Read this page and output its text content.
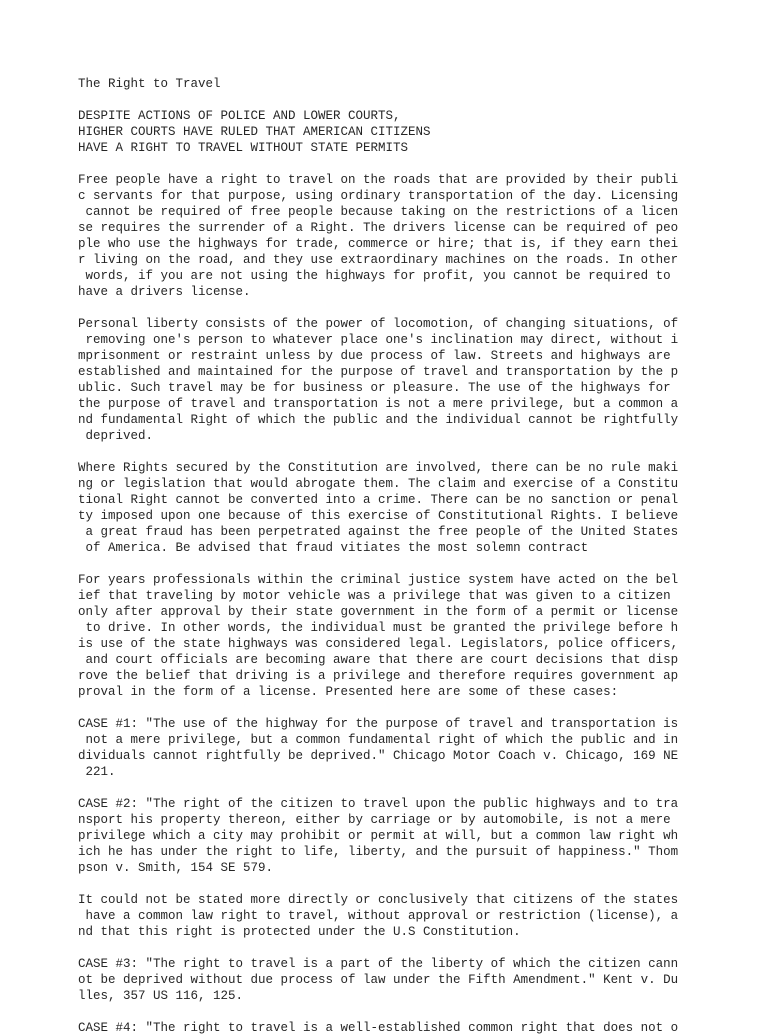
The Right to Travel
DESPITE ACTIONS OF POLICE AND LOWER COURTS,
HIGHER COURTS HAVE RULED THAT AMERICAN CITIZENS
HAVE A RIGHT TO TRAVEL WITHOUT STATE PERMITS
Free people have a right to travel on the roads that are provided by their publi
c servants for that purpose, using ordinary transportation of the day. Licensing
cannot be required of free people because taking on the restrictions of a licen
se requires the surrender of a Right. The drivers license can be required of peo
ple who use the highways for trade, commerce or hire; that is, if they earn thei
r living on the road, and they use extraordinary machines on the roads. In other
words, if you are not using the highways for profit, you cannot be required to
have a drivers license.
Personal liberty consists of the power of locomotion, of changing situations, of
removing one's person to whatever place one's inclination may direct, without i
mprisonment or restraint unless by due process of law. Streets and highways are
established and maintained for the purpose of travel and transportation by the p
ublic. Such travel may be for business or pleasure. The use of the highways for
the purpose of travel and transportation is not a mere privilege, but a common a
nd fundamental Right of which the public and the individual cannot be rightfully
deprived.
Where Rights secured by the Constitution are involved, there can be no rule maki
ng or legislation that would abrogate them. The claim and exercise of a Constitu
tional Right cannot be converted into a crime. There can be no sanction or penal
ty imposed upon one because of this exercise of Constitutional Rights. I believe
a great fraud has been perpetrated against the free people of the United States
of America. Be advised that fraud vitiates the most solemn contract
For years professionals within the criminal justice system have acted on the bel
ief that traveling by motor vehicle was a privilege that was given to a citizen
only after approval by their state government in the form of a permit or license
to drive. In other words, the individual must be granted the privilege before h
is use of the state highways was considered legal. Legislators, police officers,
and court officials are becoming aware that there are court decisions that disp
rove the belief that driving is a privilege and therefore requires government ap
proval in the form of a license. Presented here are some of these cases:
CASE #1: "The use of the highway for the purpose of travel and transportation is
not a mere privilege, but a common fundamental right of which the public and in
dividuals cannot rightfully be deprived." Chicago Motor Coach v. Chicago, 169 NE
221.
CASE #2: "The right of the citizen to travel upon the public highways and to tra
nsport his property thereon, either by carriage or by automobile, is not a mere
privilege which a city may prohibit or permit at will, but a common law right wh
ich he has under the right to life, liberty, and the pursuit of happiness." Thom
pson v. Smith, 154 SE 579.
It could not be stated more directly or conclusively that citizens of the states
have a common law right to travel, without approval or restriction (license), a
nd that this right is protected under the U.S Constitution.
CASE #3: "The right to travel is a part of the liberty of which the citizen cann
ot be deprived without due process of law under the Fifth Amendment." Kent v. Du
lles, 357 US 116, 125.
CASE #4: "The right to travel is a well-established common right that does not o
